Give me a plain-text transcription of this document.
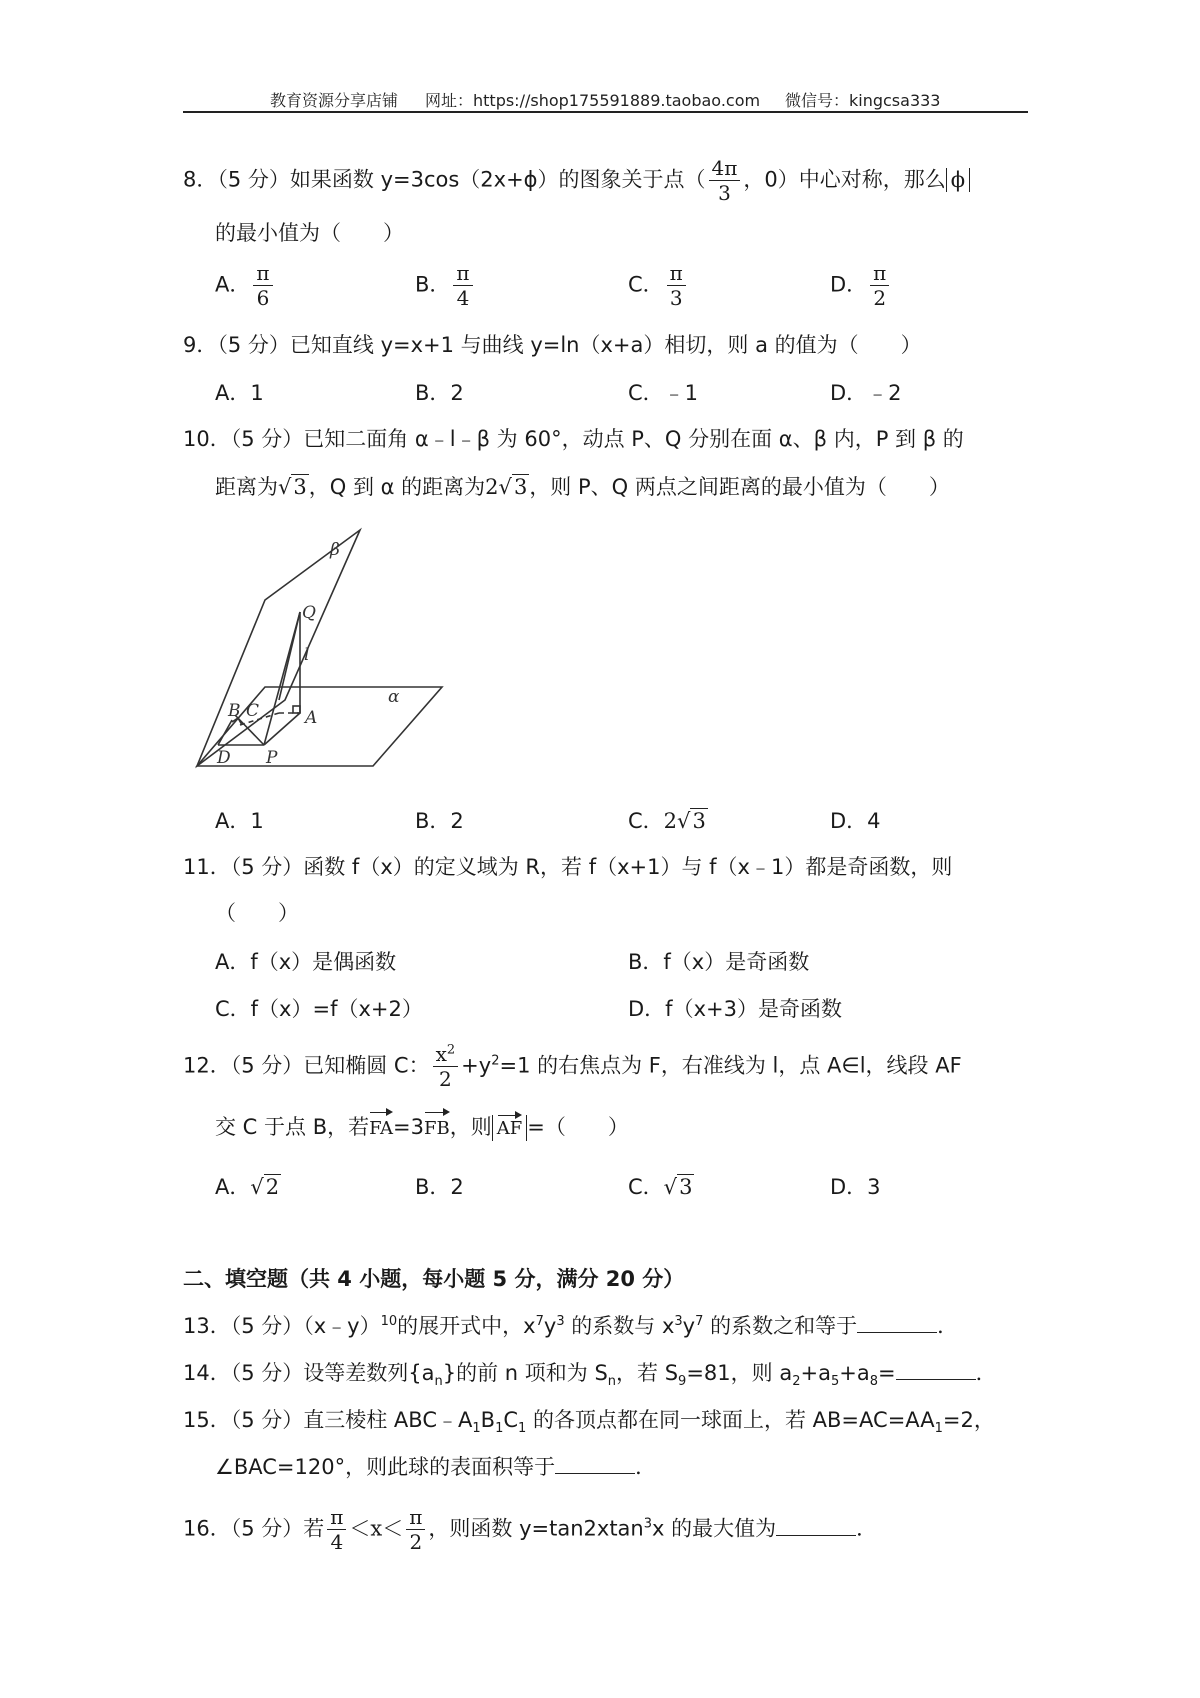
教育资源分享店铺 网址：https://shop175591889.taobao.com 微信号：kingcsa333
8．（5 分）如果函数 y=3cos（2x+ϕ）的图象关于点（ $\frac{4\pi}{3}$ ，0）中心对称，那么 ϕ
的最小值为（　　）
A． $\frac{\pi}{6}$	B． $\frac{\pi}{4}$	C． $\frac{\pi}{3}$	D． $\frac{\pi}{2}$
9．（5 分）已知直线 y=x+1 与曲线 y=ln（x+a）相切，则 a 的值为（　　）
A．1	B．2	C．﹣1	D．﹣2
10．（5 分）已知二面角 α﹣l﹣β 为 60°，动点 P、Q 分别在面 α、β 内，P 到 β 的
距离为√3，Q 到 α 的距离为2√3，则 P、Q 两点之间距离的最小值为（　　）
β
Q
l
α
B C	A
D P
A．1	B．2	C．2√3	D．4
11．（5 分）函数 f（x）的定义域为 R，若 f（x+1）与 f（x﹣1）都是奇函数，则
（　　）
A．f（x）是偶函数	B．f（x）是奇函数
C．f（x）=f（x+2）	D．f（x+3）是奇函数
12．（5 分）已知椭圆 C： $\frac{x^2}{2} +y^2=1$ 的右焦点为 F，右准线为 l，点 A∈l，线段 AF
交 C 于点 B，若FA=3FB，则 AF =（　　）
A．√2	B．2	C．√3	D．3
二、填空题（共 4 小题，每小题 5 分，满分 20 分）
13．（5 分）（x﹣y）$^{10}$的展开式中，$x^7y^3$ 的系数与 $x^3y^7$ 的系数之和等于	．
14．（5 分）设等差数列$\{a_n\}$的前 n 项和为 $S_n$，若 $S_9=81$，则 $a_2+a_5+a_8=$	．
15．（5 分）直三棱柱 $ABC﹣A_1B_1C_1$ 的各顶点都在同一球面上，若 $AB=AC=AA_1=2$，
∠BAC=120°，则此球的表面积等于	．
16．（5 分）若 $\frac{\pi}{4} <x< \frac{\pi}{2}$ ，则函数 y=tan2xtan$^3$x 的最大值为	．
